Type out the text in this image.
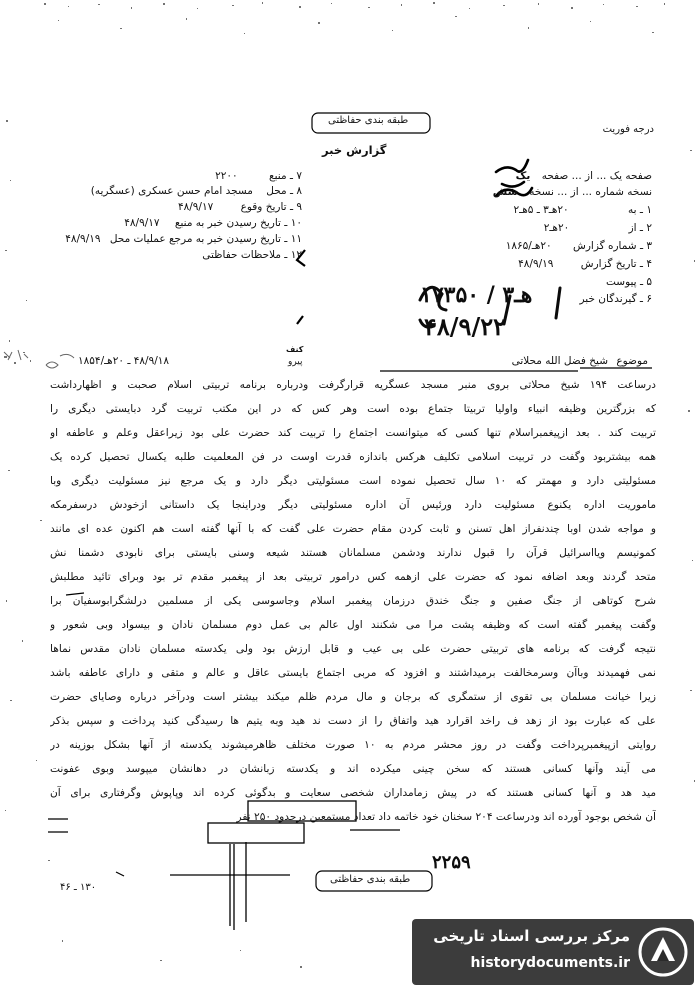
درجه فوریت
طبقه بندی حفاظتی
گزارش خبر
۷ ـ منبع ۲۲۰۰
۸ ـ محل مسجد امام حسن عسکری (عسگریه)
۹ ـ تاریخ وقوع ۴۸/۹/۱۷
۱۰ ـ تاریخ رسیدن خبر به منبع ۴۸/۹/۱۷
۱۱ ـ تاریخ رسیدن خبر به مرجع عملیات محل ۴۸/۹/۱۹
۱۲ ـ ملاحظات حفاظتی
صفحه یک ... از ... صفحه یک
نسخه شماره ... از ... نسخه شش
۱ ـ به ۲۰هـ۳ ـ ۵هـ۲
۲ ـ از ۲۰هـ۲
۳ ـ شماره گزارش ۲۰هـ/۱۸۶۵
۴ ـ تاریخ گزارش ۴۸/۹/۱۹
۵ ـ پیوست
۶ ـ گیرندگان خبر
۱۷۳۵۰ / ۳هـ
۴۸/۹/۲۲
موضوع
شیخ فضل الله محلاتی
کنف
پیرو
۴۸/۹/۱۸ ـ ۲۰هـ/۱۸۵۴
درساعت ۱۹۴ شیخ محلاتی بروی منبر مسجد عسگریه قرارگرفت ودرباره برنامه تربیتی اسلام صحبت و اظهارداشت
که بزرگترین وظیفه انبیاء واولیا تربیتا جتماع بوده است وهر کس که در این مکتب تربیت گرد دبایستی دیگری را
تربیت کند . بعد ازپیغمبراسلام تنها کسی که میتوانست اجتماع را تربیت کند حضرت علی بود زیراعقل وعلم و عاطفه او
همه بیشتربود وگفت در تربیت اسلامی تکلیف هرکس باندازه قدرت اوست در فن المعلمیت طلبه یکسال تحصیل کرده یک
مسئولیتی دارد و مهمتر که ۱۰ سال تحصیل نموده است مسئولیتی دیگر دارد و یک مرجع نیز مسئولیت دیگری وبا
ماموریت اداره یکنوع مسئولیت دارد ورئیس آن اداره مسئولیتی دیگر ودراینجا یک داستانی ازخودش درسفرمکه
و مواجه شدن اوبا چندنفراز اهل تسنن و ثابت کردن مقام حضرت علی گفت که با آنها گفته است هم اکنون عده ای مانند
کمونیسم ویااسرائیل قرآن را قبول ندارند ودشمن مسلمانان هستند شیعه وسنی بایستی برای نابودی دشمنا نش
متحد گردند وبعد اضافه نمود که حضرت علی ازهمه کس درامور تربیتی بعد از پیغمبر مقدم تر بود وبرای تائید مطلبش
شرح کوتاهی از جنگ صفین و جنگ خندق درزمان پیغمبر اسلام وجاسوسی یکی از مسلمین درلشگرابوسفیان برا
وگفت پیغمبر گفته است که وظیفه پشت مرا می شکنند اول عالم بی عمل دوم مسلمان نادان و بیسواد وبی شعور و
نتیجه گرفت که برنامه های تربیتی حضرت علی بی عیب و قابل ارزش بود ولی یکدسته مسلمان نادان مقدس نماها
نمی فهمیدند وباآن وسرمخالفت برمیداشتند و افزود که مربی اجتماع بایستی عاقل و عالم و متقی و دارای عاطفه باشد
زیرا خیانت مسلمان بی تقوی از ستمگری که برجان و مال مردم ظلم میکند بیشتر است ودرآخر درباره وصایای حضرت
علی که عبارت بود از زهد ف راخد اقرارد هید واتفاق را از دست ند هید وبه یتیم ها رسیدگی کنید پرداخت و سپس بذکر
روایتی ازپیغمبرپرداخت وگفت در روز محشر مردم به ۱۰ صورت مختلف ظاهرمیشوند یکدسته از آنها بشکل بوزینه در
می آیند وآنها کسانی هستند که سخن چینی میکرده اند و یکدسته زبانشان در دهانشان میپوسد وبوی عفونت
مید هد و آنها کسانی هستند که در پیش زمامداران شخصی سعایت و بدگوئی کرده اند وپاپوش وگرفتاری برای آن
آن شخص بوجود آورده اند ودرساعت ۲۰۴ سخنان خود خاتمه داد تعداد مستمعین درحدود ۲۵۰ نفر
۲۲۵۹
طبقه بندی حفاظتی
۱۳۰ ـ ۴۶
مرکز بررسی اسناد تاریخی
historydocuments.ir
